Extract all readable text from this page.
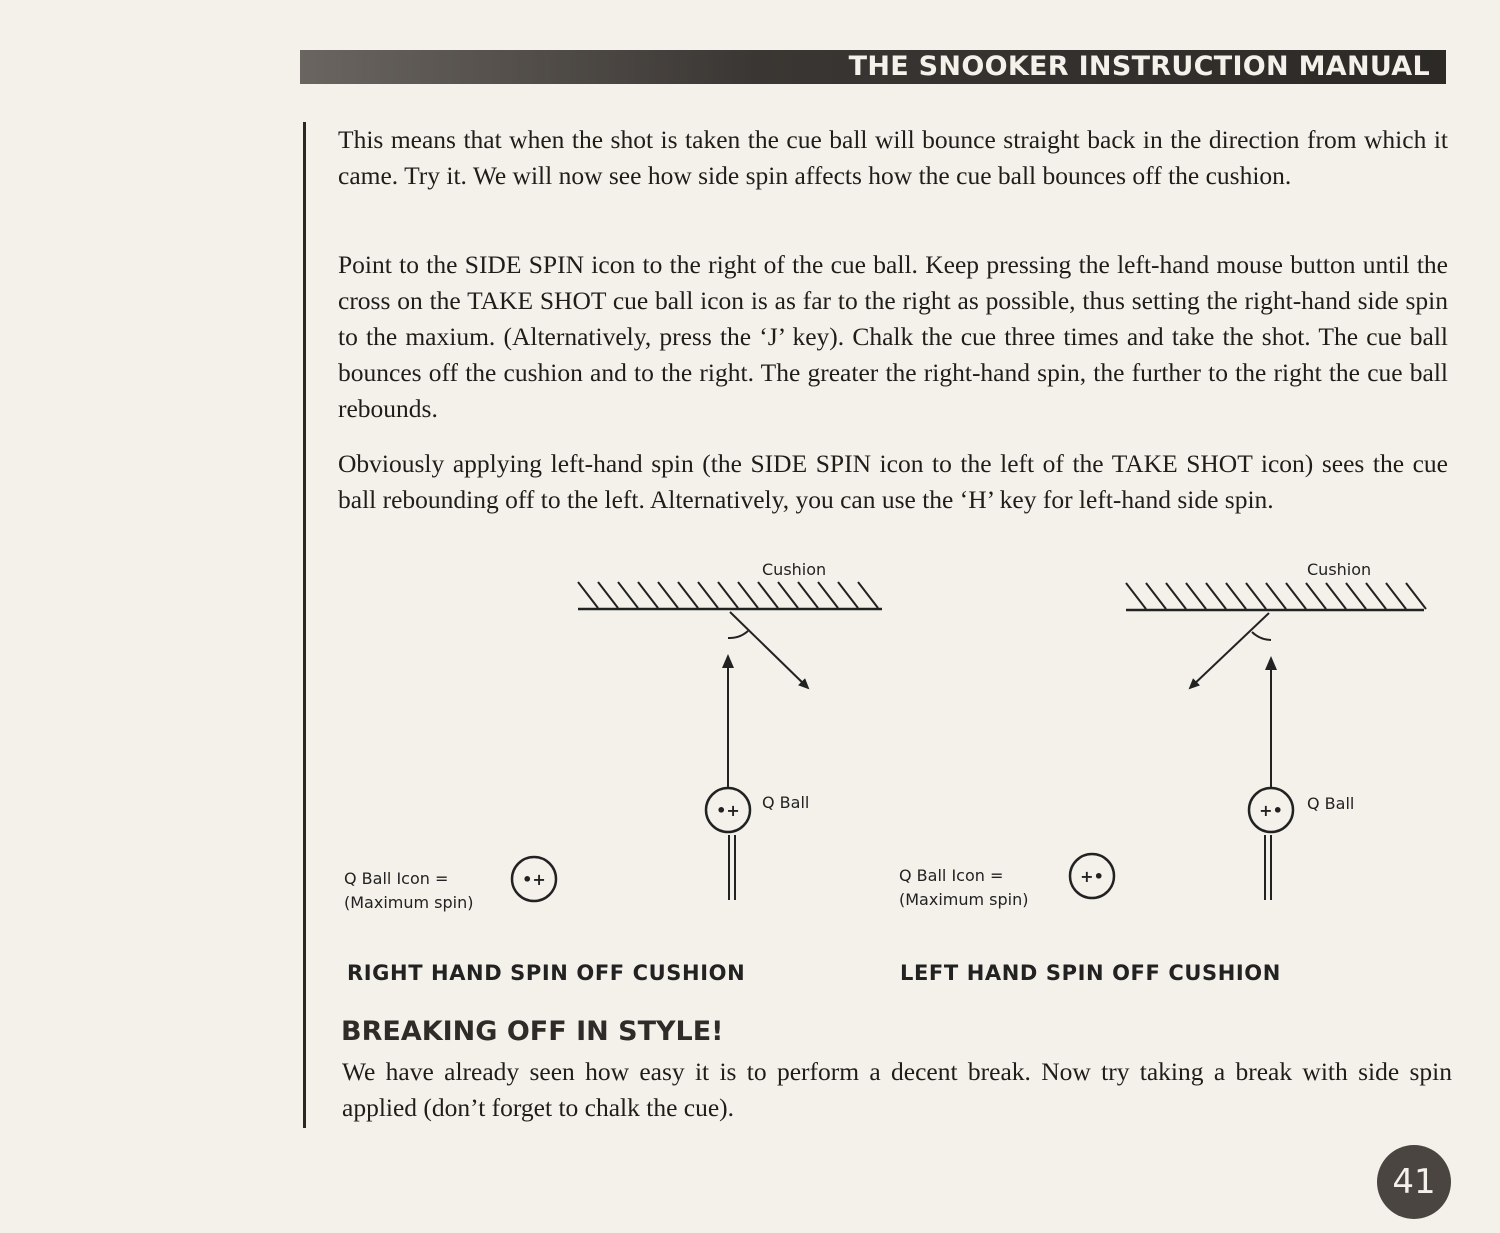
THE SNOOKER INSTRUCTION MANUAL

This means that when the shot is taken the cue ball will bounce straight back in the direction from which it came. Try it. We will now see how side spin affects how the cue ball bounces off the cushion.

Point to the SIDE SPIN icon to the right of the cue ball. Keep pressing the left-hand mouse button until the cross on the TAKE SHOT cue ball icon is as far to the right as possible, thus setting the right-hand side spin to the maxium. (Alternatively, press the ‘J’ key). Chalk the cue three times and take the shot. The cue ball bounces off the cushion and to the right. The greater the right-hand spin, the further to the right the cue ball rebounds.

Obviously applying left-hand spin (the SIDE SPIN icon to the left of the TAKE SHOT icon) sees the cue ball rebounding off to the left. Alternatively, you can use the ‘H’ key for left-hand side spin.

•+
•+
+•
+•
Cushion
Q Ball
Q Ball Icon =
(Maximum spin)
Cushion
Q Ball
Q Ball Icon =
(Maximum spin)
RIGHT HAND SPIN OFF CUSHION	LEFT HAND SPIN OFF CUSHION
BREAKING OFF IN STYLE!

We have already seen how easy it is to perform a decent break. Now try taking a break with side spin applied (don’t forget to chalk the cue).

41
